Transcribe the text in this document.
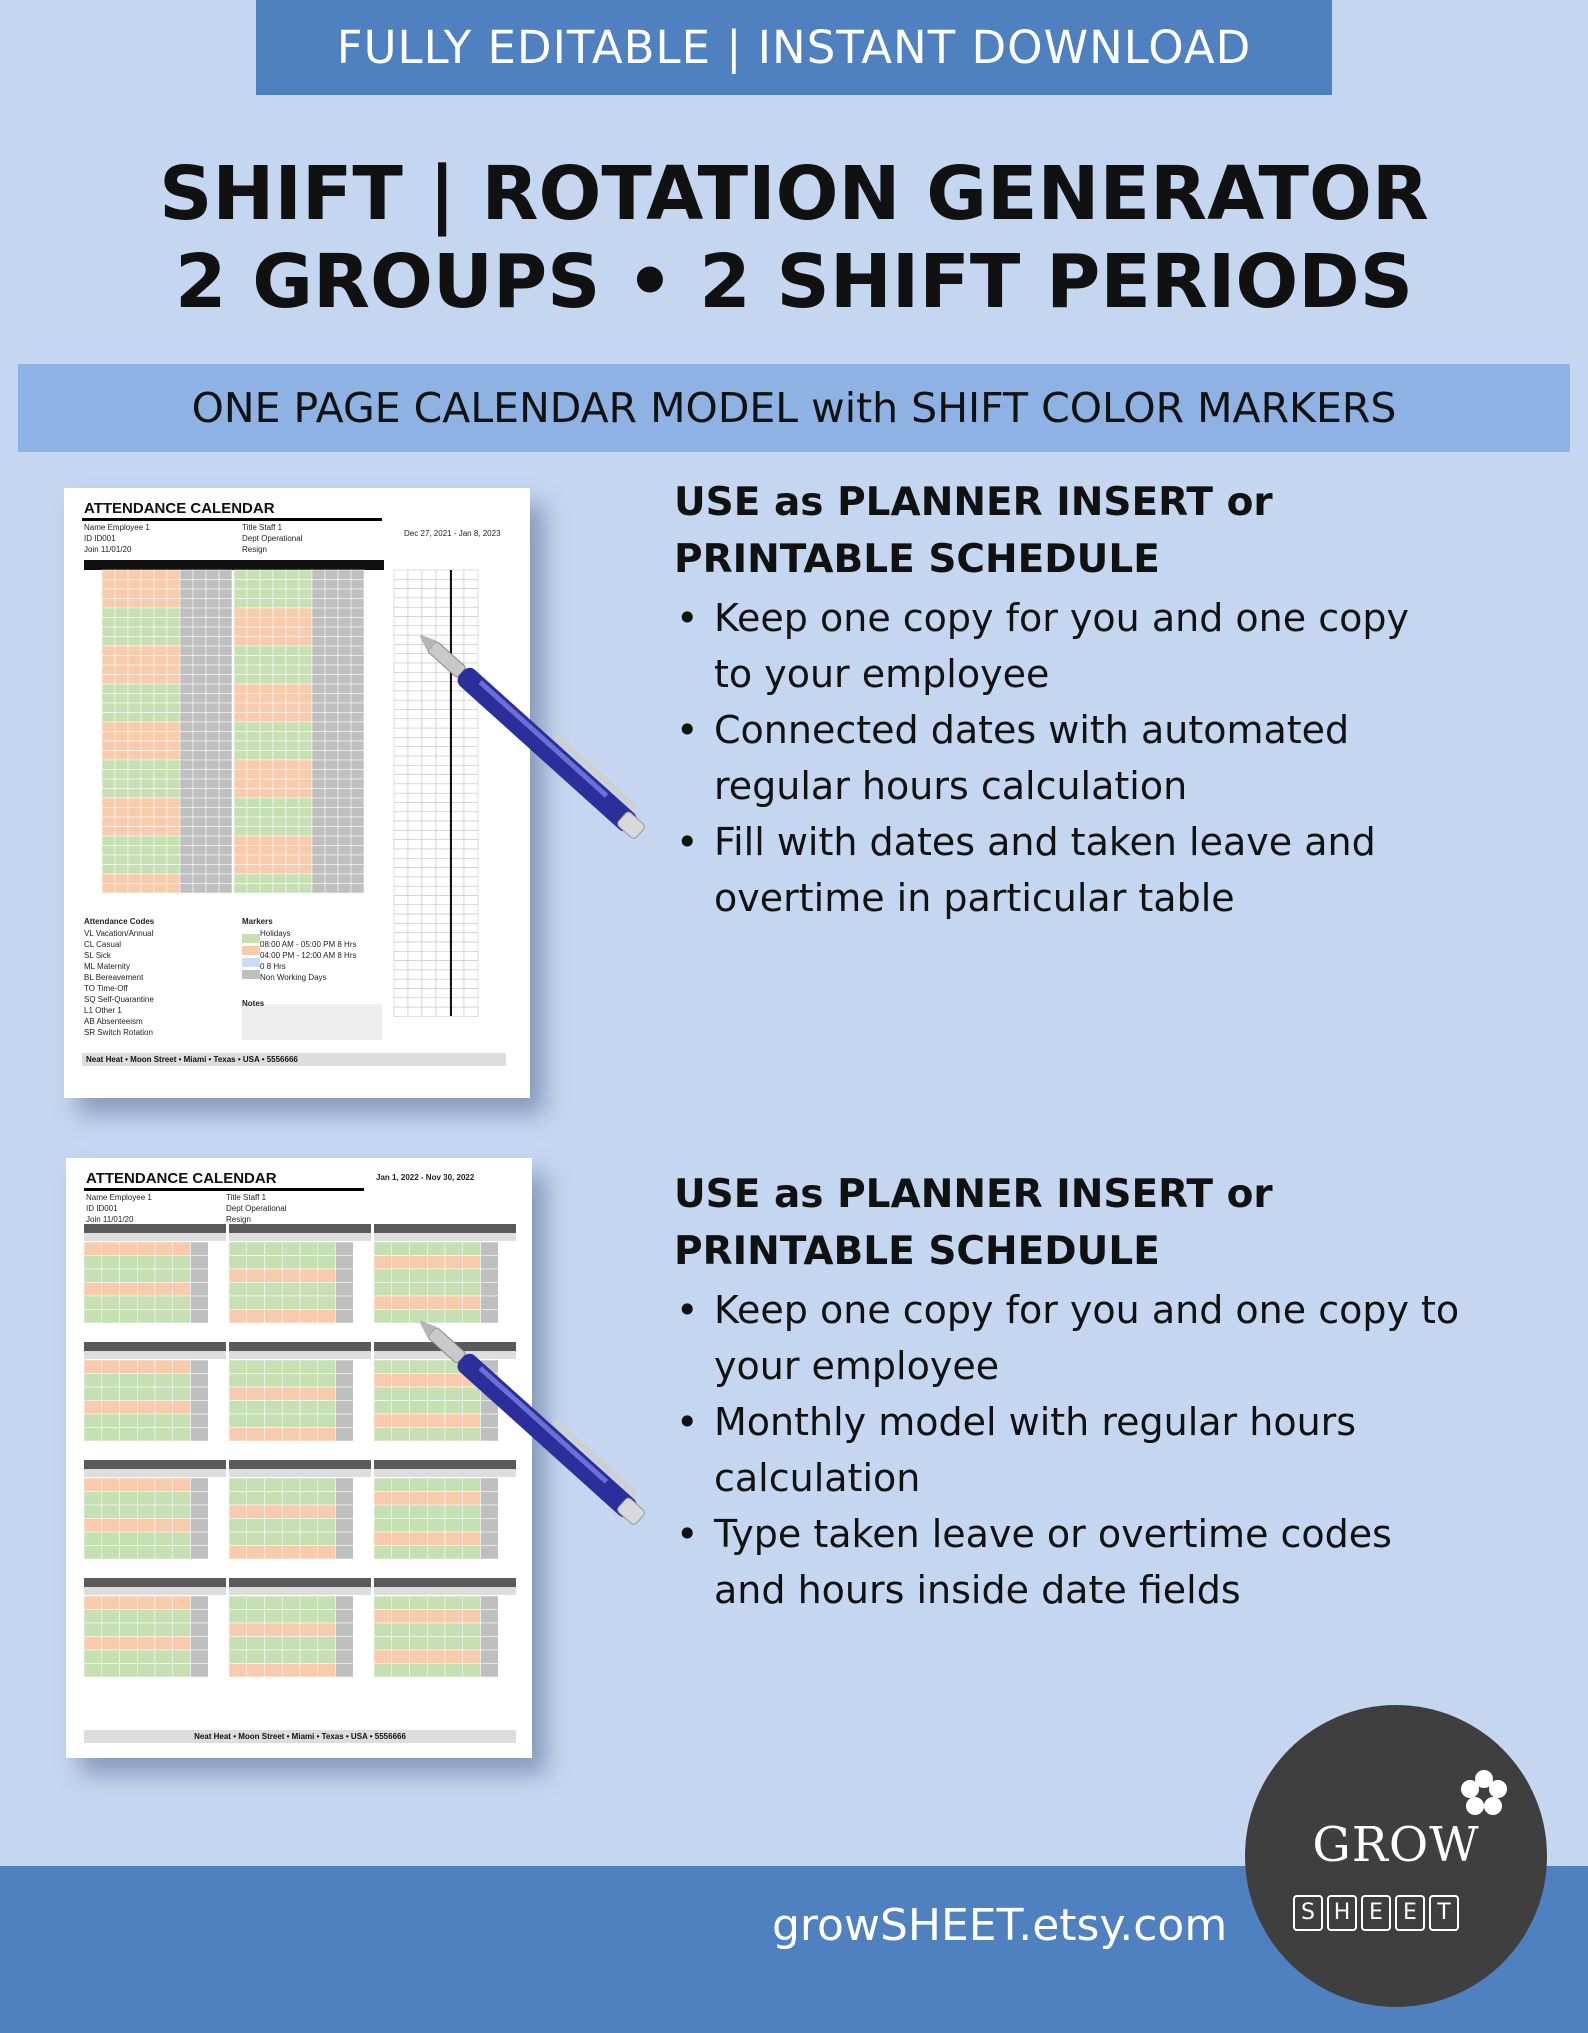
FULLY EDITABLE | INSTANT DOWNLOAD
SHIFT | ROTATION GENERATOR
2 GROUPS • 2 SHIFT PERIODS
ONE PAGE CALENDAR MODEL with SHIFT COLOR MARKERS
ATTENDANCE CALENDAR
Name Employee 1
ID ID001
Join 11/01/20
Title Staff 1
Dept Operational
Resign
Dec 27, 2021 - Jan 8, 2023
Attendance Codes
VL Vacation/Annual
CL Casual
SL Sick
ML Maternity
BL Bereavement
TO Time-Off
SQ Self-Quarantine
L1 Other 1
AB Absenteeism
SR Switch Rotation
Markers
Holidays
08:00 AM - 05:00 PM 8 Hrs
04:00 PM - 12:00 AM 8 Hrs
0 8 Hrs
Non Working Days
Notes
Neat Heat • Moon Street • Miami • Texas • USA • 5556666
ATTENDANCE CALENDAR
Name Employee 1
ID ID001
Join 11/01/20
Title Staff 1
Dept Operational
Resign
Jan 1, 2022 - Nov 30, 2022
Neat Heat • Moon Street • Miami • Texas • USA • 5556666
USE as PLANNER INSERT or
PRINTABLE SCHEDULE
• Keep one copy for you and one copy to your employee
• Connected dates with automated regular hours calculation
• Fill with dates and taken leave and overtime in particular table
USE as PLANNER INSERT or
PRINTABLE SCHEDULE
• Keep one copy for you and one copy to your employee
• Monthly model with regular hours calculation
• Type taken leave or overtime codes and hours inside date fields
growSHEET.etsy.com
GROW
S H E E T
